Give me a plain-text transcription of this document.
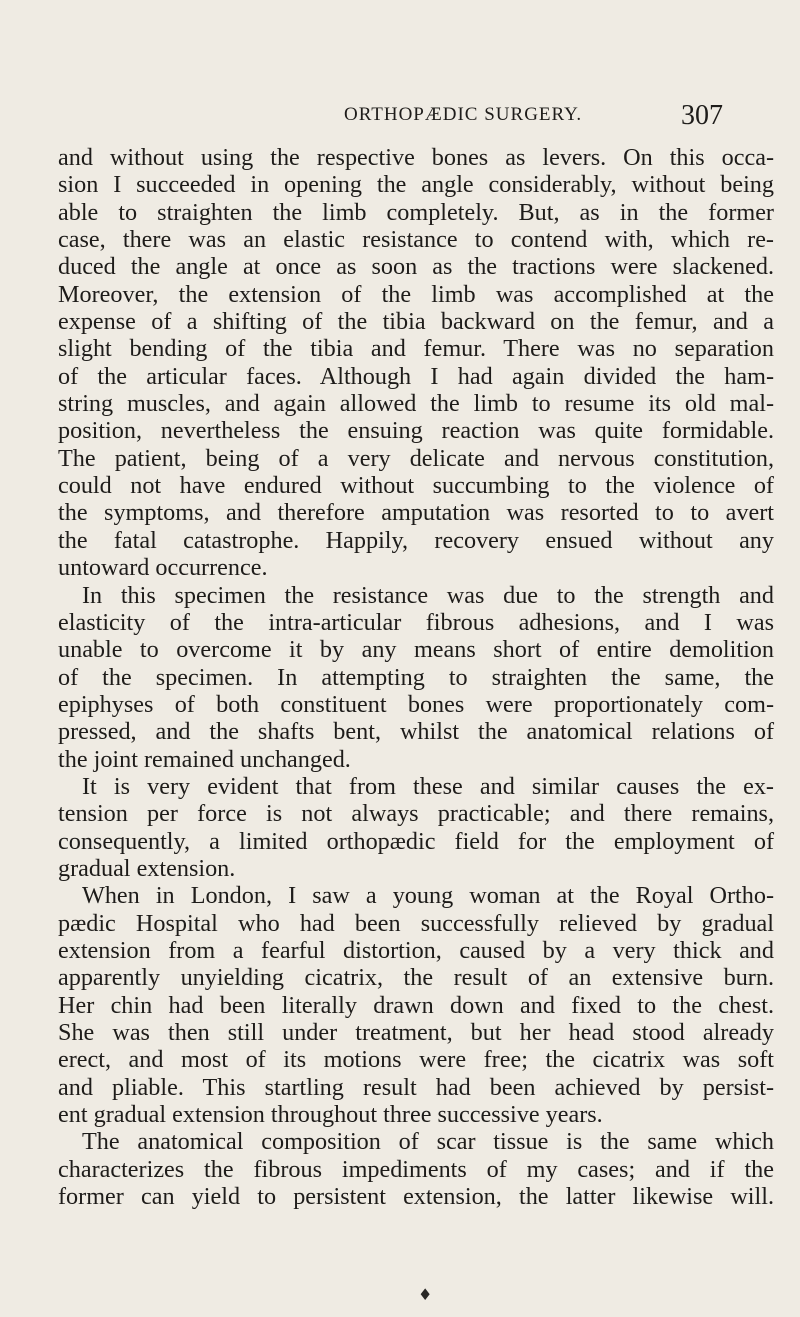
ORTHOPÆDIC SURGERY.	307
and without using the respective bones as levers. On this occa-
sion I succeeded in opening the angle considerably, without being
able to straighten the limb completely. But, as in the former
case, there was an elastic resistance to contend with, which re-
duced the angle at once as soon as the tractions were slackened.
Moreover, the extension of the limb was accomplished at the
expense of a shifting of the tibia backward on the femur, and a
slight bending of the tibia and femur. There was no separation
of the articular faces. Although I had again divided the ham-
string muscles, and again allowed the limb to resume its old mal-
position, nevertheless the ensuing reaction was quite formidable.
The patient, being of a very delicate and nervous constitution,
could not have endured without succumbing to the violence of
the symptoms, and therefore amputation was resorted to to avert
the fatal catastrophe. Happily, recovery ensued without any
untoward occurrence.
In this specimen the resistance was due to the strength and
elasticity of the intra-articular fibrous adhesions, and I was
unable to overcome it by any means short of entire demolition
of the specimen. In attempting to straighten the same, the
epiphyses of both constituent bones were proportionately com-
pressed, and the shafts bent, whilst the anatomical relations of
the joint remained unchanged.
It is very evident that from these and similar causes the ex-
tension per force is not always practicable; and there remains,
consequently, a limited orthopædic field for the employment of
gradual extension.
When in London, I saw a young woman at the Royal Ortho-
pædic Hospital who had been successfully relieved by gradual
extension from a fearful distortion, caused by a very thick and
apparently unyielding cicatrix, the result of an extensive burn.
Her chin had been literally drawn down and fixed to the chest.
She was then still under treatment, but her head stood already
erect, and most of its motions were free; the cicatrix was soft
and pliable. This startling result had been achieved by persist-
ent gradual extension throughout three successive years.
The anatomical composition of scar tissue is the same which
characterizes the fibrous impediments of my cases; and if the
former can yield to persistent extension, the latter likewise will.
♦
